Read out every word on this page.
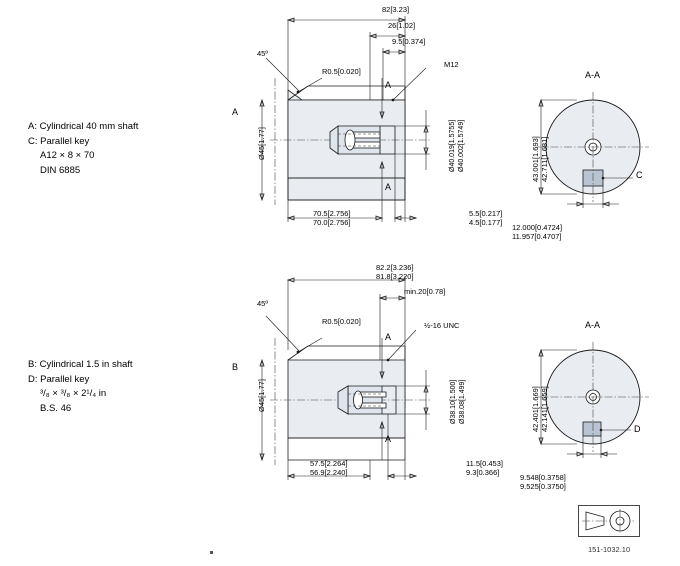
A: Cylindrical 40 mm shaft
C: Parallel key
A12 × 8 × 70
DIN 6885
B: Cylindrical 1.5 in shaft
D: Parallel key
³/₈ × ³/₈ × 2¹/₄ in
B.S. 46
82[3.23]
26[1.02]
9.5[0.374]
R0.5[0.020]
M12
45º
Ø45[1.77]	Ø40.019[1.5755] Ø40.002[1.5749]
70.5[2.756]
70.0[2.756]
5.5[0.217]
4.5[0.177]
A
A
A
A-A
43.001[1.693] 42.711[1.681]
12.000[0.4724]
11.957[0.4707]
C
82.2[3.236]
81.8[3.220]
min.20[0.78]
R0.5[0.020]	½-16 UNC
45º
Ø45[1.77]	Ø38.10[1.500] Ø38.08[1.499]
57.5[2.264]
56.9[2.240]
11.5[0.453]
9.3[0.366]
A
A
B
A-A
42.401[1.669] 42.141[1.659]
9.548[0.3758]
9.525[0.3750]
D
151-1032.10
